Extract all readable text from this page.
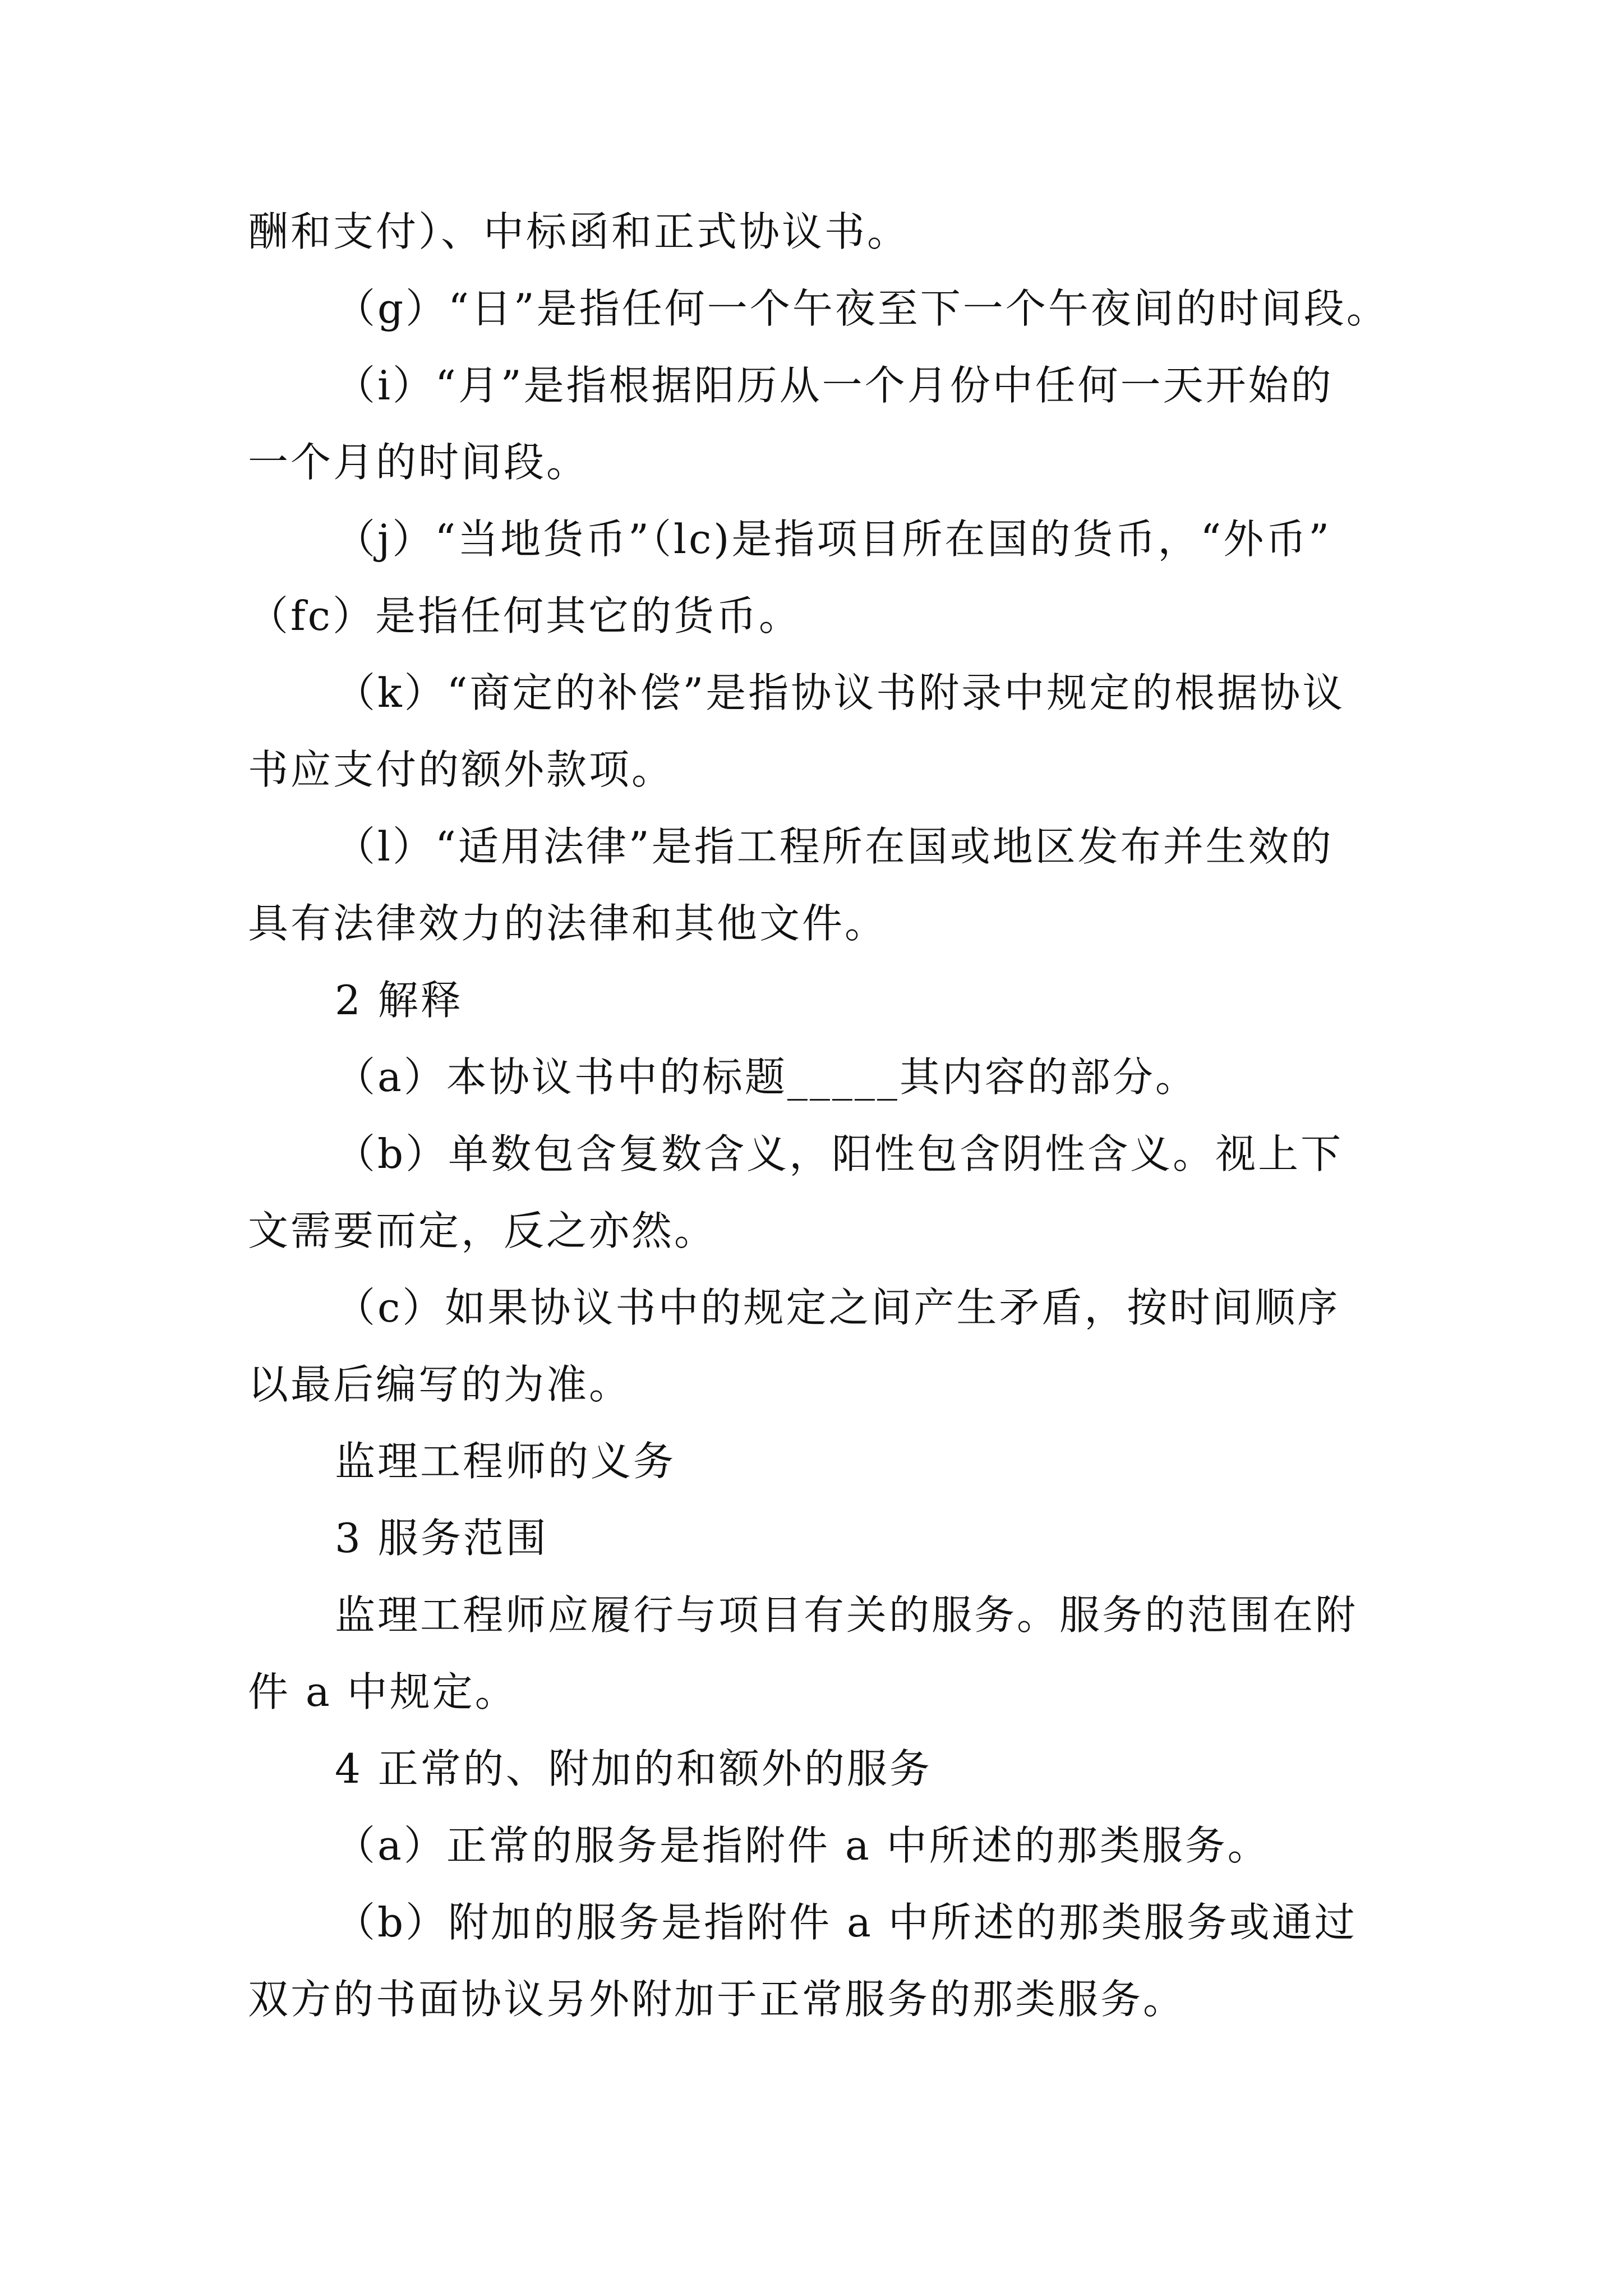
酬和支付）、中标函和正式协议书。
（g）“日”是指任何一个午夜至下一个午夜间的时间段。
（i）“月”是指根据阳历从一个月份中任何一天开始的
一个月的时间段。
（j）“当地货币”（lc)是指项目所在国的货币，“外币”
（fc）是指任何其它的货币。
（k）“商定的补偿”是指协议书附录中规定的根据协议
书应支付的额外款项。
（l）“适用法律”是指工程所在国或地区发布并生效的
具有法律效力的法律和其他文件。
2 解释
（a）本协议书中的标题_____其内容的部分。
（b）单数包含复数含义，阳性包含阴性含义。视上下
文需要而定，反之亦然。
（c）如果协议书中的规定之间产生矛盾，按时间顺序
以最后编写的为准。
监理工程师的义务
3 服务范围
监理工程师应履行与项目有关的服务。服务的范围在附
件 a 中规定。
4 正常的、附加的和额外的服务
（a）正常的服务是指附件 a 中所述的那类服务。
（b）附加的服务是指附件 a 中所述的那类服务或通过
双方的书面协议另外附加于正常服务的那类服务。
